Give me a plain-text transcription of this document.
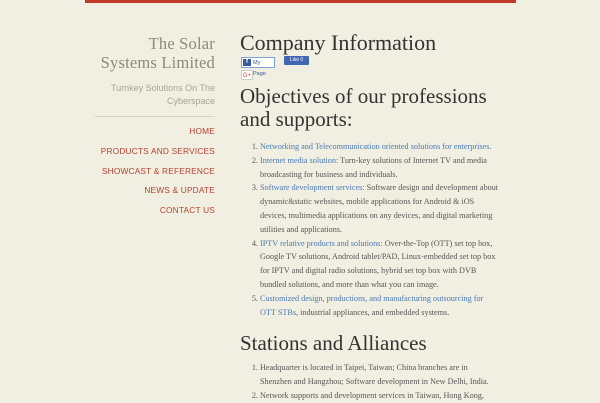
The Solar Systems Limited
Turnkey Solutions On The Cyberspace
HOME
PRODUCTS AND SERVICES
SHOWCAST & REFERENCE
NEWS & UPDATE
CONTACT US
Company Information
f My Page
Like 0
G+
Objectives of our professions and supports:
1. Networking and Telecommunication oriented solutions for enterprises.
2. Internet media solution: Turn-key solutions of Internet TV and media broadcasting for business and individuals.
3. Software development services: Software design and development about dynamic&static websites, mobile applications for Android & iOS devices, multimedia applications on any devices, and digital marketing utilities and applications.
4. IPTV relative products and solutions: Over-the-Top (OTT) set top box, Google TV solutions, Android tablet/PAD, Linux-embedded set top box for IPTV and digital radio solutions, hybrid set top box with DVB bundled solutions, and more than what you can image.
5. Customized design, productions, and manufacturing outsourcing for OTT STBs, industrial appliances, and embedded systems.
Stations and Alliances
1. Headquarter is located in Taipei, Taiwan; China branches are in Shenzhen and Hangzhou; Software development in New Delhi, India.
2. Network supports and development services in Taiwan, Hong Kong,
